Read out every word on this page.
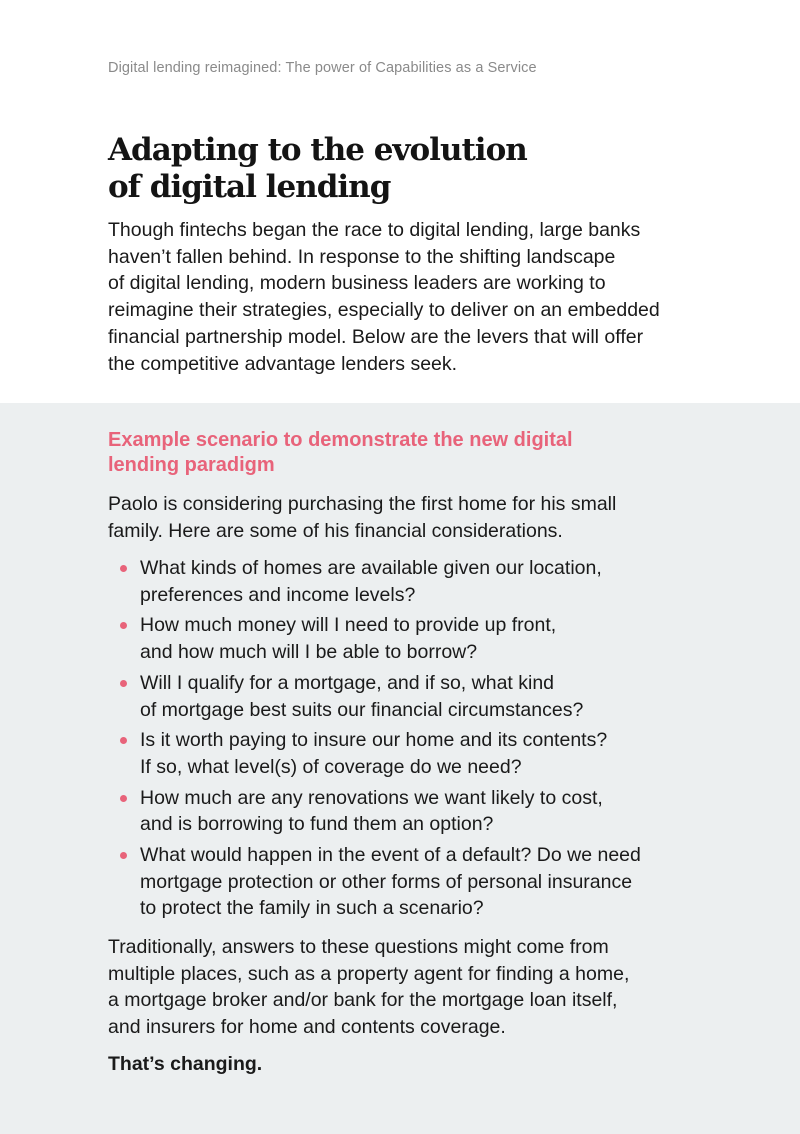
Digital lending reimagined: The power of Capabilities as a Service
Adapting to the evolution
of digital lending

Though fintechs began the race to digital lending, large banks
haven’t fallen behind. In response to the shifting landscape
of digital lending, modern business leaders are working to
reimagine their strategies, especially to deliver on an embedded
financial partnership model. Below are the levers that will offer
the competitive advantage lenders seek.

Example scenario to demonstrate the new digital
lending paradigm

Paolo is considering purchasing the first home for his small
family. Here are some of his financial considerations.

What kinds of homes are available given our location,
preferences and income levels?
How much money will I need to provide up front,
and how much will I be able to borrow?
Will I qualify for a mortgage, and if so, what kind
of mortgage best suits our financial circumstances?
Is it worth paying to insure our home and its contents?
If so, what level(s) of coverage do we need?
How much are any renovations we want likely to cost,
and is borrowing to fund them an option?
What would happen in the event of a default? Do we need
mortgage protection or other forms of personal insurance
to protect the family in such a scenario?

Traditionally, answers to these questions might come from
multiple places, such as a property agent for finding a home,
a mortgage broker and/or bank for the mortgage loan itself,
and insurers for home and contents coverage.

That’s changing.
